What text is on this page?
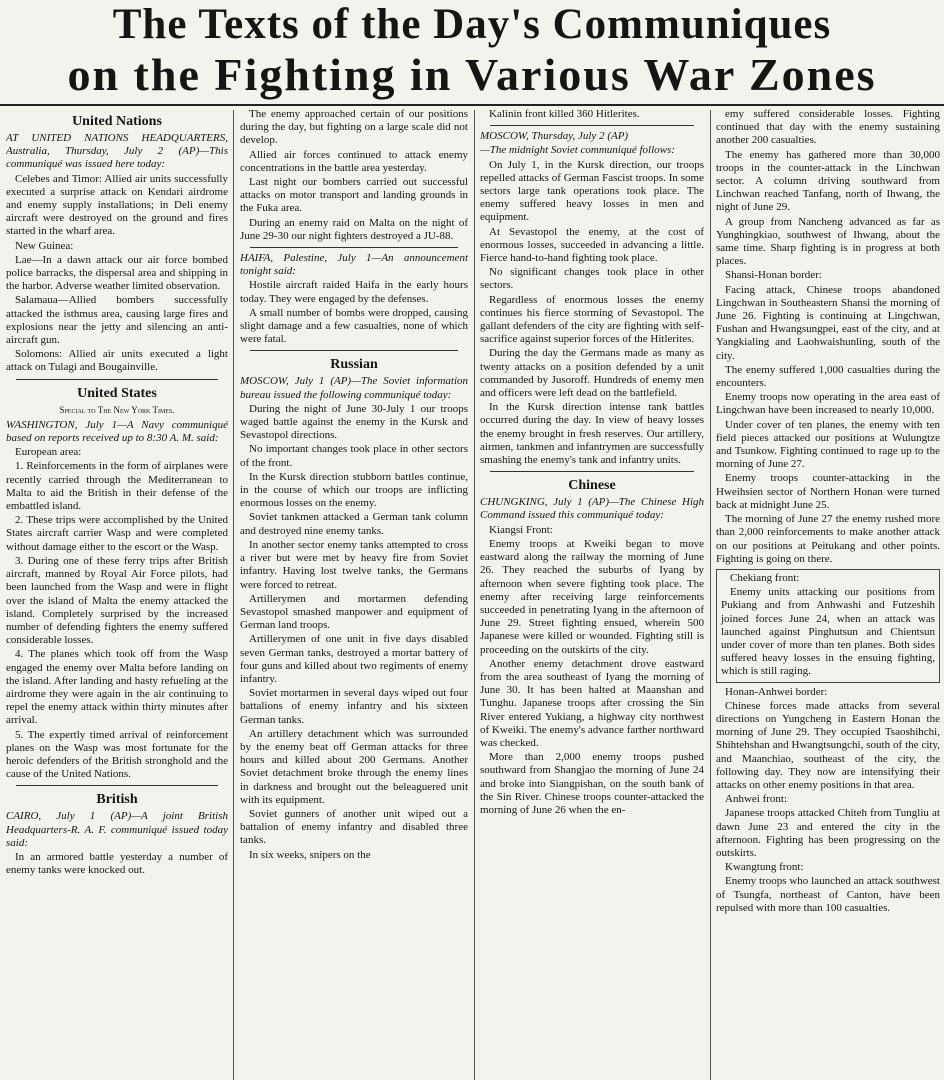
The Texts of the Day's Communiques
on the Fighting in Various War Zones
United Nations

AT UNITED NATIONS HEADQUARTERS, Australia, Thursday, July 2 (AP)—This communiqué was issued here today:

Celebes and Timor: Allied air units successfully executed a surprise attack on Kendari airdrome and enemy supply installations; in Deli enemy aircraft were destroyed on the ground and fires started in the wharf area.

New Guinea:

Lae—In a dawn attack our air force bombed police barracks, the dispersal area and shipping in the harbor. Adverse weather limited observation.

Salamaua—Allied bombers successfully attacked the isthmus area, causing large fires and explosions near the jetty and silencing an anti-aircraft gun.

Solomons: Allied air units executed a light attack on Tulagi and Bougainville.

United States
Special to The New York Times.

WASHINGTON, July 1—A Navy communiqué based on reports received up to 8:30 A. M. said:

European area:

1. Reinforcements in the form of airplanes were recently carried through the Mediterranean to Malta to aid the British in their defense of the embattled island.

2. These trips were accomplished by the United States aircraft carrier Wasp and were completed without damage either to the escort or the Wasp.

3. During one of these ferry trips after British aircraft, manned by Royal Air Force pilots, had been launched from the Wasp and were in flight over the island of Malta the enemy attacked the island. Completely surprised by the increased number of defending fighters the enemy suffered considerable losses.

4. The planes which took off from the Wasp engaged the enemy over Malta before landing on the island. After landing and hasty refueling at the airdrome they were again in the air continuing to repel the enemy attack within thirty minutes after arrival.

5. The expertly timed arrival of reinforcement planes on the Wasp was most fortunate for the heroic defenders of the British stronghold and the cause of the United Nations.

British

CAIRO, July 1 (AP)—A joint British Headquarters-R. A. F. communiqué issued today said:

In an armored battle yesterday a number of enemy tanks were knocked out.

The enemy approached certain of our positions during the day, but fighting on a large scale did not develop.

Allied air forces continued to attack enemy concentrations in the battle area yesterday.

Last night our bombers carried out successful attacks on motor transport and landing grounds in the Fuka area.

During an enemy raid on Malta on the night of June 29-30 our night fighters destroyed a JU-88.

HAIFA, Palestine, July 1—An announcement tonight said:

Hostile aircraft raided Haifa in the early hours today. They were engaged by the defenses.

A small number of bombs were dropped, causing slight damage and a few casualties, none of which were fatal.

Russian

MOSCOW, July 1 (AP)—The Soviet information bureau issued the following communiqué today:

During the night of June 30-July 1 our troops waged battle against the enemy in the Kursk and Sevastopol directions.

No important changes took place in other sectors of the front.

In the Kursk direction stubborn battles continue, in the course of which our troops are inflicting enormous losses on the enemy.

Soviet tankmen attacked a German tank column and destroyed nine enemy tanks.

In another sector enemy tanks attempted to cross a river but were met by heavy fire from Soviet infantry. Having lost twelve tanks, the Germans were forced to retreat.

Artillerymen and mortarmen defending Sevastopol smashed manpower and equipment of German land troops.

Artillerymen of one unit in five days disabled seven German tanks, destroyed a mortar battery of four guns and killed about two regiments of enemy infantry.

Soviet mortarmen in several days wiped out four battalions of enemy infantry and his sixteen German tanks.

An artillery detachment which was surrounded by the enemy beat off German attacks for three hours and killed about 200 Germans. Another Soviet detachment broke through the enemy lines in darkness and brought out the beleaguered unit with its equipment.

Soviet gunners of another unit wiped out a battalion of enemy infantry and disabled three tanks.

In six weeks, snipers on the

Kalinin front killed 360 Hitlerites.

MOSCOW, Thursday, July 2 (AP)

—The midnight Soviet communiqué follows:

On July 1, in the Kursk direction, our troops repelled attacks of German Fascist troops. In some sectors large tank operations took place. The enemy suffered heavy losses in men and equipment.

At Sevastopol the enemy, at the cost of enormous losses, succeeded in advancing a little. Fierce hand-to-hand fighting took place.

No significant changes took place in other sectors.

Regardless of enormous losses the enemy continues his fierce storming of Sevastopol. The gallant defenders of the city are fighting with self-sacrifice against superior forces of the Hitlerites.

During the day the Germans made as many as twenty attacks on a position defended by a unit commanded by Jusoroff. Hundreds of enemy men and officers were left dead on the battlefield.

In the Kursk direction intense tank battles occurred during the day. In view of heavy losses the enemy brought in fresh reserves. Our artillery, airmen, tankmen and infantrymen are successfully smashing the enemy's tank and infantry units.

Chinese

CHUNGKING, July 1 (AP)—The Chinese High Command issued this communiqué today:

Kiangsi Front:

Enemy troops at Kweiki began to move eastward along the railway the morning of June 26. They reached the suburbs of Iyang by afternoon when severe fighting took place. The enemy after receiving large reinforcements succeeded in penetrating Iyang in the afternoon of June 29. Street fighting ensued, wherein 500 Japanese were killed or wounded. Fighting still is proceeding on the outskirts of the city.

Another enemy detachment drove eastward from the area southeast of Iyang the morning of June 30. It has been halted at Maanshan and Tunghu. Japanese troops after crossing the Sin River entered Yukiang, a highway city northwest of Kweiki. The enemy's advance farther northward was checked.

More than 2,000 enemy troops pushed southward from Shangjao the morning of June 24 and broke into Siangpishan, on the south bank of the Sin River. Chinese troops counter-attacked the morning of June 26 when the en-

emy suffered considerable losses. Fighting continued that day with the enemy sustaining another 200 casualties.

The enemy has gathered more than 30,000 troops in the counter-attack in the Linchwan sector. A column driving southward from Linchwan reached Tanfang, north of Ihwang, the night of June 29.

A group from Nancheng advanced as far as Yunghingkiao, southwest of Ihwang, about the same time. Sharp fighting is in progress at both places.

Shansi-Honan border:

Facing attack, Chinese troops abandoned Lingchwan in Southeastern Shansi the morning of June 26. Fighting is continuing at Lingchwan, Fushan and Hwangsungpei, east of the city, and at Yangkialing and Laohwaishunling, south of the city.

The enemy suffered 1,000 casualties during the encounters.

Enemy troops now operating in the area east of Lingchwan have been increased to nearly 10,000.

Under cover of ten planes, the enemy with ten field pieces attacked our positions at Wulungtze and Tsunkow. Fighting continued to rage up to the morning of June 27.

Enemy troops counter-attacking in the Hweihsien sector of Northern Honan were turned back at midnight June 25.

The morning of June 27 the enemy rushed more than 2,000 reinforcements to make another attack on our positions at Peitukang and other points. Fighting is going on there.

Chekiang front:

Enemy units attacking our positions from Pukiang and from Anhwashi and Futzeshih joined forces June 24, when an attack was launched against Pinghutsun and Chientsun under cover of more than ten planes. Both sides suffered heavy losses in the ensuing fighting, which is still raging.

Honan-Anhwei border:

Chinese forces made attacks from several directions on Yungcheng in Eastern Honan the morning of June 29. They occupied Tsaoshihchi, Shihtehshan and Hwangtsungchi, south of the city, and Maanchiao, southeast of the city, the following day. They now are intensifying their attacks on other enemy positions in that area.

Anhwei front:

Japanese troops attacked Chiteh from Tungliu at dawn June 23 and entered the city in the afternoon. Fighting has been progressing on the outskirts.

Kwangtung front:

Enemy troops who launched an attack southwest of Tsungfa, northeast of Canton, have been repulsed with more than 100 casualties.
